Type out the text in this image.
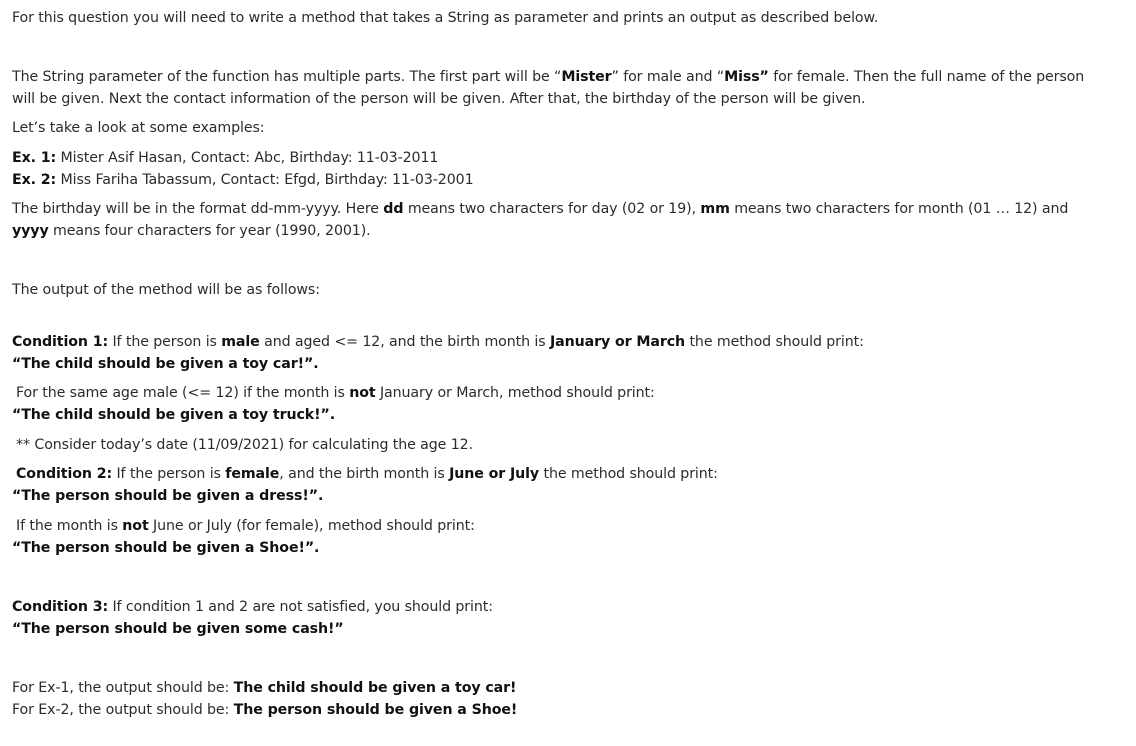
For this question you will need to write a method that takes a String as parameter and prints an output as described below.
The String parameter of the function has multiple parts. The first part will be “Mister” for male and “Miss” for female. Then the full name of the person
will be given. Next the contact information of the person will be given. After that, the birthday of the person will be given.
Let’s take a look at some examples:
Ex. 1: Mister Asif Hasan, Contact: Abc, Birthday: 11-03-2011
Ex. 2: Miss Fariha Tabassum, Contact: Efgd, Birthday: 11-03-2001
The birthday will be in the format dd-mm-yyyy. Here dd means two characters for day (02 or 19), mm means two characters for month (01 … 12) and
yyyy means four characters for year (1990, 2001).
The output of the method will be as follows:
Condition 1: If the person is male and aged <= 12, and the birth month is January or March the method should print:
“The child should be given a toy car!”.
For the same age male (<= 12) if the month is not January or March, method should print:
“The child should be given a toy truck!”.
** Consider today’s date (11/09/2021) for calculating the age 12.
Condition 2: If the person is female, and the birth month is June or July the method should print:
“The person should be given a dress!”.
If the month is not June or July (for female), method should print:
“The person should be given a Shoe!”.
Condition 3: If condition 1 and 2 are not satisfied, you should print:
“The person should be given some cash!”
For Ex-1, the output should be: The child should be given a toy car!
For Ex-2, the output should be: The person should be given a Shoe!
